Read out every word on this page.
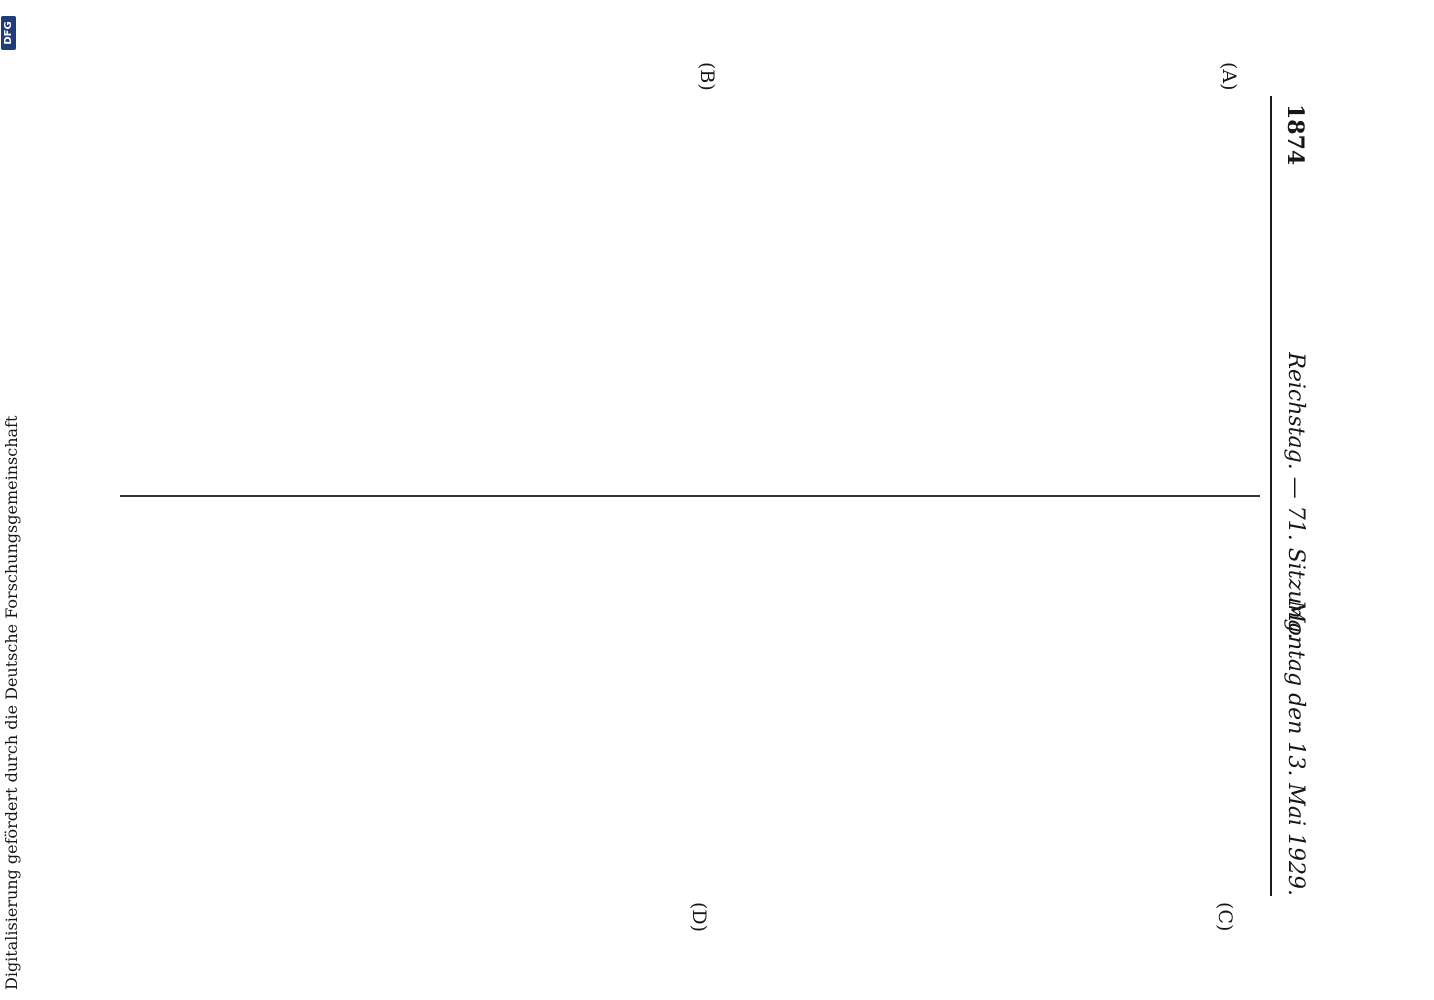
1874
Reichstag. — 71. Sitzung.
Montag den 13. Mai 1929.
(A)
(B)
(C)
(D)

Digitalisierung gefördert durch die Deutsche Forschungsgemeinschaft
DFG
